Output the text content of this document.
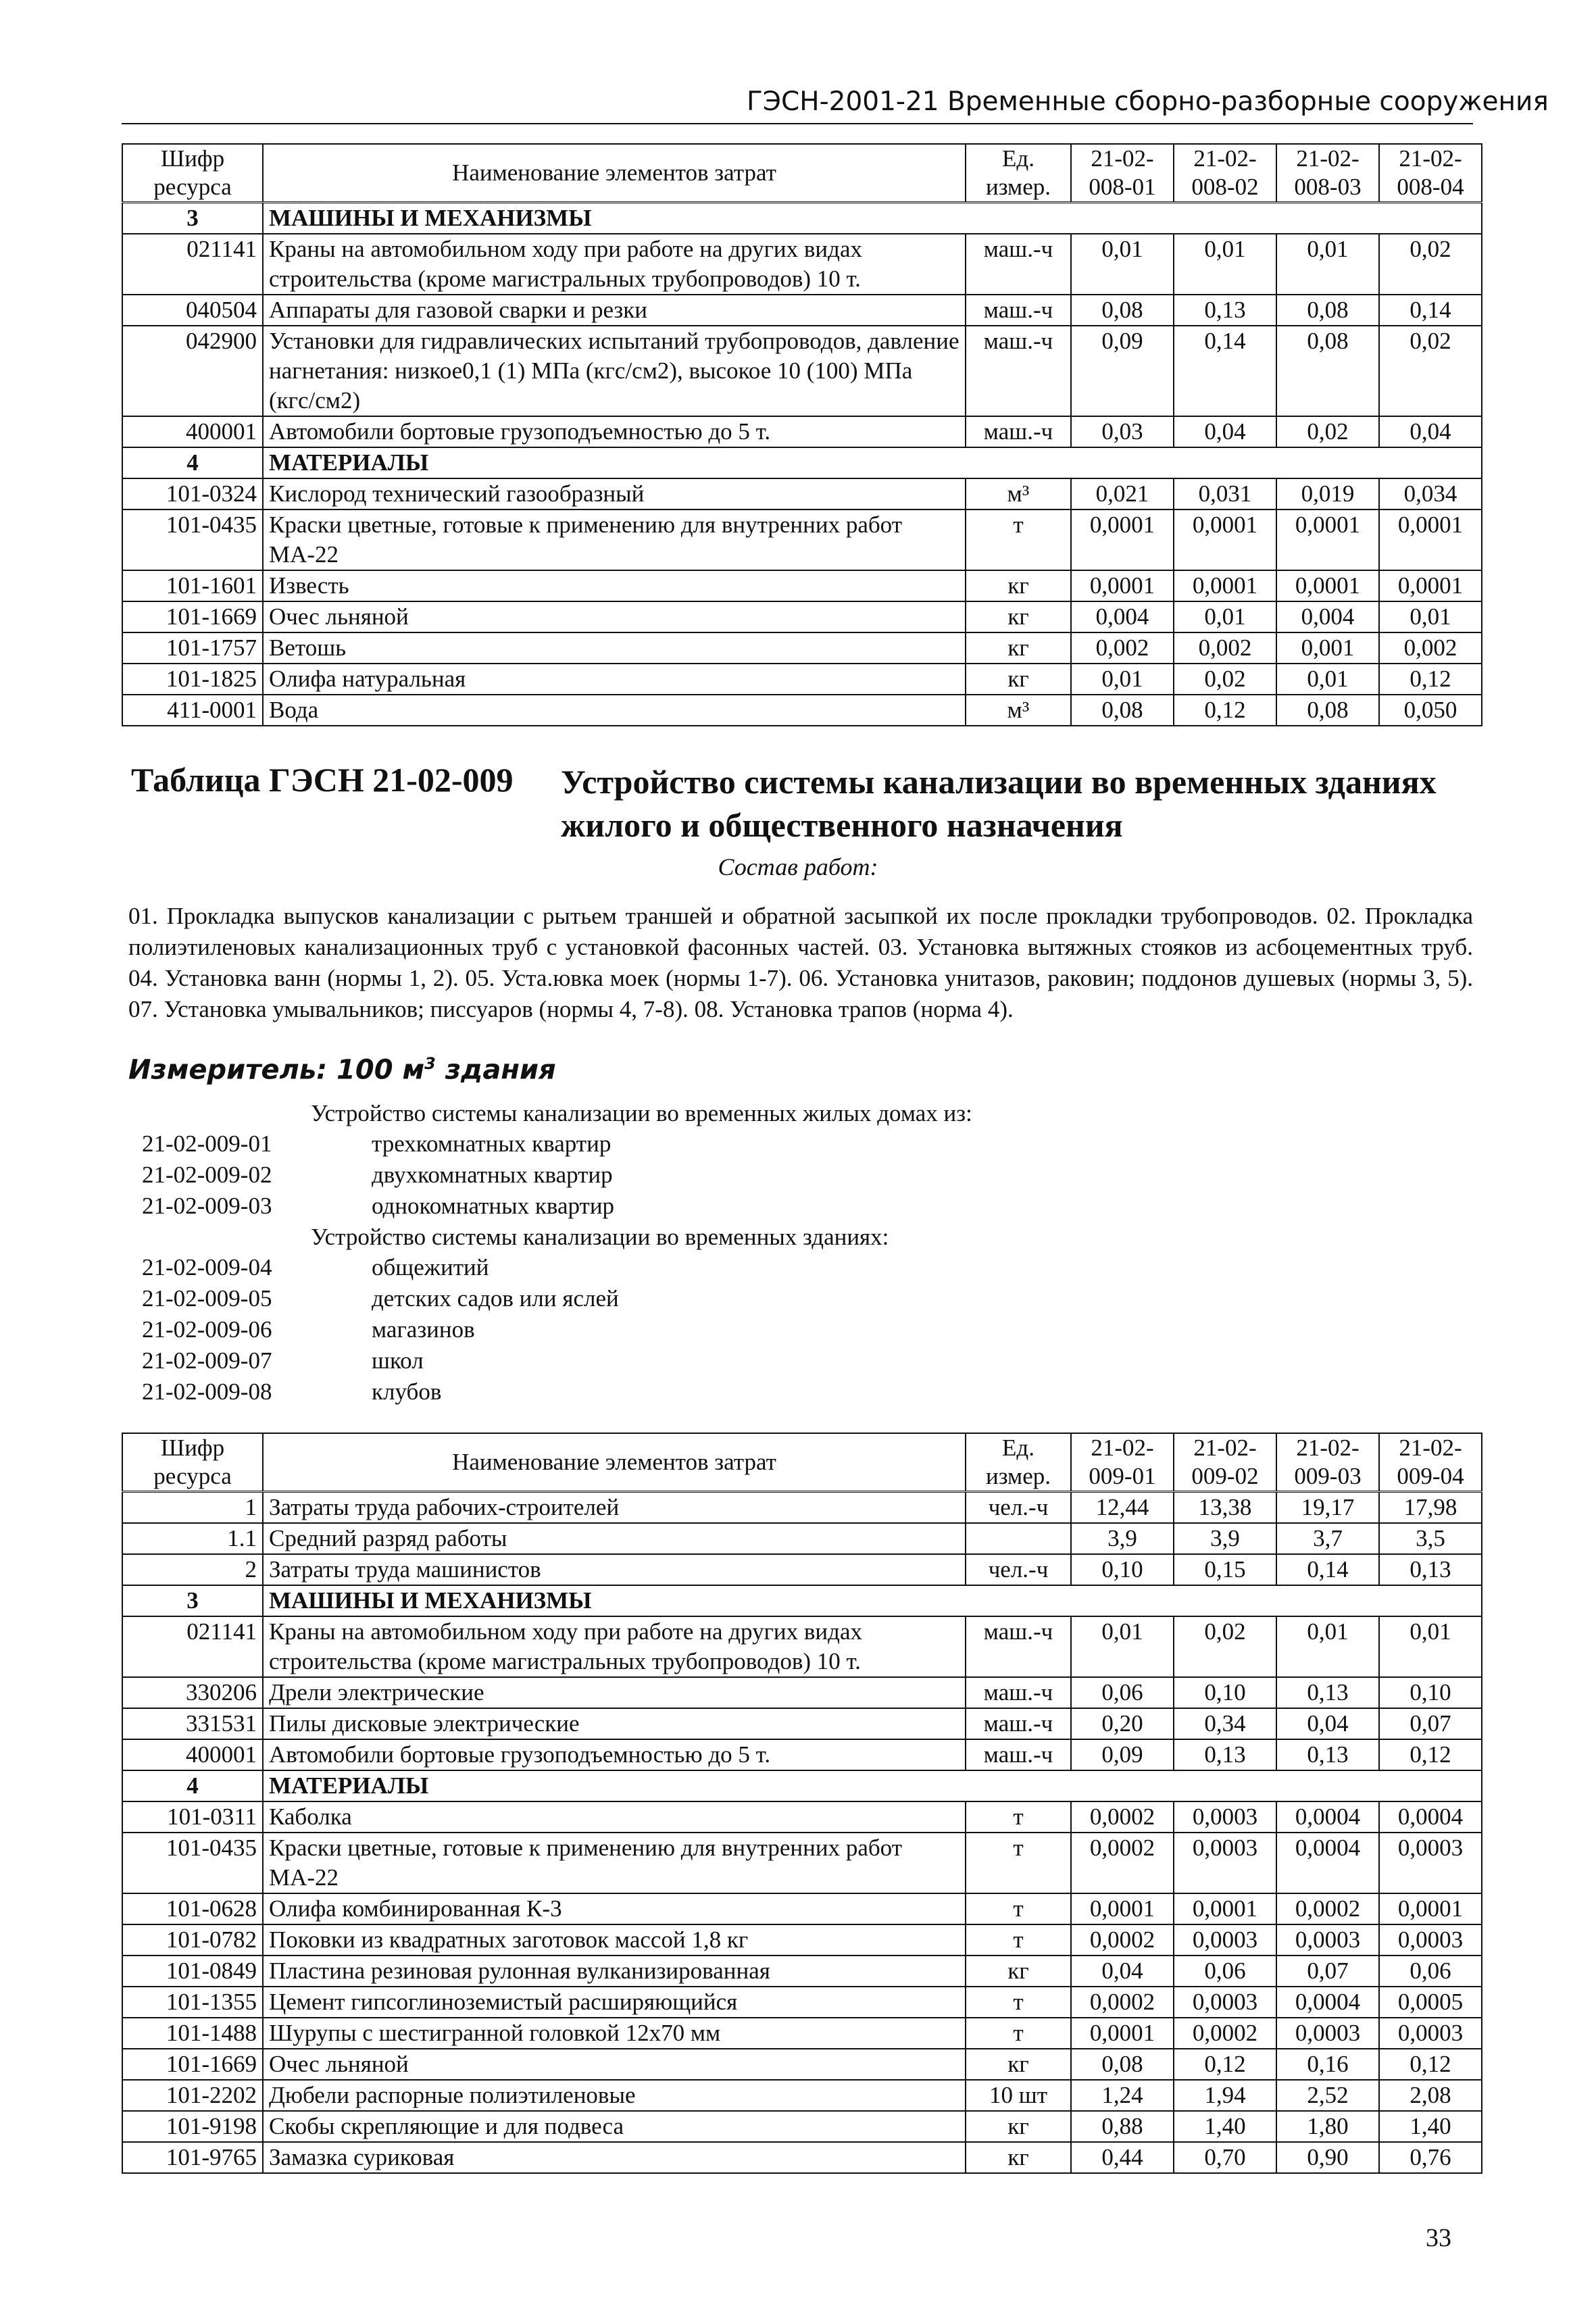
ГЭСН-2001-21 Временные сборно-разборные сооружения
Шифр ресурса	Наименование элементов затрат	Ед. измер.	21-02-008-01	21-02-008-02	21-02-008-03	21-02-008-04
3	МАШИНЫ И МЕХАНИЗМЫ					
021141	Краны на автомобильном ходу при работе на других видах строительства (кроме магистральных трубопроводов) 10 т.	маш.-ч	0,01	0,01	0,01	0,02
040504	Аппараты для газовой сварки и резки	маш.-ч	0,08	0,13	0,08	0,14
042900	Установки для гидравлических испытаний трубопроводов, давление нагнетания: низкое0,1 (1) МПа (кгс/см2), высокое 10 (100) МПа (кгс/см2)	маш.-ч	0,09	0,14	0,08	0,02
400001	Автомобили бортовые грузоподъемностью до 5 т.	маш.-ч	0,03	0,04	0,02	0,04
4	МАТЕРИАЛЫ					
101-0324	Кислород технический газообразный	м³	0,021	0,031	0,019	0,034
101-0435	Краски цветные, готовые к применению для внутренних работ МА-22	т	0,0001	0,0001	0,0001	0,0001
101-1601	Известь	кг	0,0001	0,0001	0,0001	0,0001
101-1669	Очес льняной	кг	0,004	0,01	0,004	0,01
101-1757	Ветошь	кг	0,002	0,002	0,001	0,002
101-1825	Олифа натуральная	кг	0,01	0,02	0,01	0,12
411-0001	Вода	м³	0,08	0,12	0,08	0,050
Таблица ГЭСН 21-02-009 Устройство системы канализации во временных зданиях жилого и общественного назначения
Состав работ:
01. Прокладка выпусков канализации с рытьем траншей и обратной засыпкой их после прокладки трубопроводов. 02. Прокладка полиэтиленовых канализационных труб с установкой фасонных частей. 03. Установка вытяжных стояков из асбоцементных труб. 04. Установка ванн (нормы 1, 2). 05. Уста.ювка моек (нормы 1-7). 06. Установка унитазов, раковин; поддонов душевых (нормы 3, 5). 07. Установка умывальников; писсуаров (нормы 4, 7-8). 08. Установка трапов (норма 4).
Измеритель: 100 $м^3$ здания
Устройство системы канализации во временных жилых домах из:
21-02-009-01	трехкомнатных квартир
21-02-009-02	двухкомнатных квартир
21-02-009-03	однокомнатных квартир
Устройство системы канализации во временных зданиях:
21-02-009-04	общежитий
21-02-009-05	детских садов или яслей
21-02-009-06	магазинов
21-02-009-07	школ
21-02-009-08	клубов
Шифр ресурса	Наименование элементов затрат	Ед. измер.	21-02-009-01	21-02-009-02	21-02-009-03	21-02-009-04
1	Затраты труда рабочих-строителей	чел.-ч	12,44	13,38	19,17	17,98
1.1	Средний разряд работы		3,9	3,9	3,7	3,5
2	Затраты труда машинистов	чел.-ч	0,10	0,15	0,14	0,13
3	МАШИНЫ И МЕХАНИЗМЫ					
021141	Краны на автомобильном ходу при работе на других видах строительства (кроме магистральных трубопроводов) 10 т.	маш.-ч	0,01	0,02	0,01	0,01
330206	Дрели электрические	маш.-ч	0,06	0,10	0,13	0,10
331531	Пилы дисковые электрические	маш.-ч	0,20	0,34	0,04	0,07
400001	Автомобили бортовые грузоподъемностью до 5 т.	маш.-ч	0,09	0,13	0,13	0,12
4	МАТЕРИАЛЫ					
101-0311	Каболка	т	0,0002	0,0003	0,0004	0,0004
101-0435	Краски цветные, готовые к применению для внутренних работ МА-22	т	0,0002	0,0003	0,0004	0,0003
101-0628	Олифа комбинированная К-3	т	0,0001	0,0001	0,0002	0,0001
101-0782	Поковки из квадратных заготовок массой 1,8 кг	т	0,0002	0,0003	0,0003	0,0003
101-0849	Пластина резиновая рулонная вулканизированная	кг	0,04	0,06	0,07	0,06
101-1355	Цемент гипсоглиноземистый расширяющийся	т	0,0002	0,0003	0,0004	0,0005
101-1488	Шурупы с шестигранной головкой 12х70 мм	т	0,0001	0,0002	0,0003	0,0003
101-1669	Очес льняной	кг	0,08	0,12	0,16	0,12
101-2202	Дюбели распорные полиэтиленовые	10 шт	1,24	1,94	2,52	2,08
101-9198	Скобы скрепляющие и для подвеса	кг	0,88	1,40	1,80	1,40
101-9765	Замазка суриковая	кг	0,44	0,70	0,90	0,76
33
